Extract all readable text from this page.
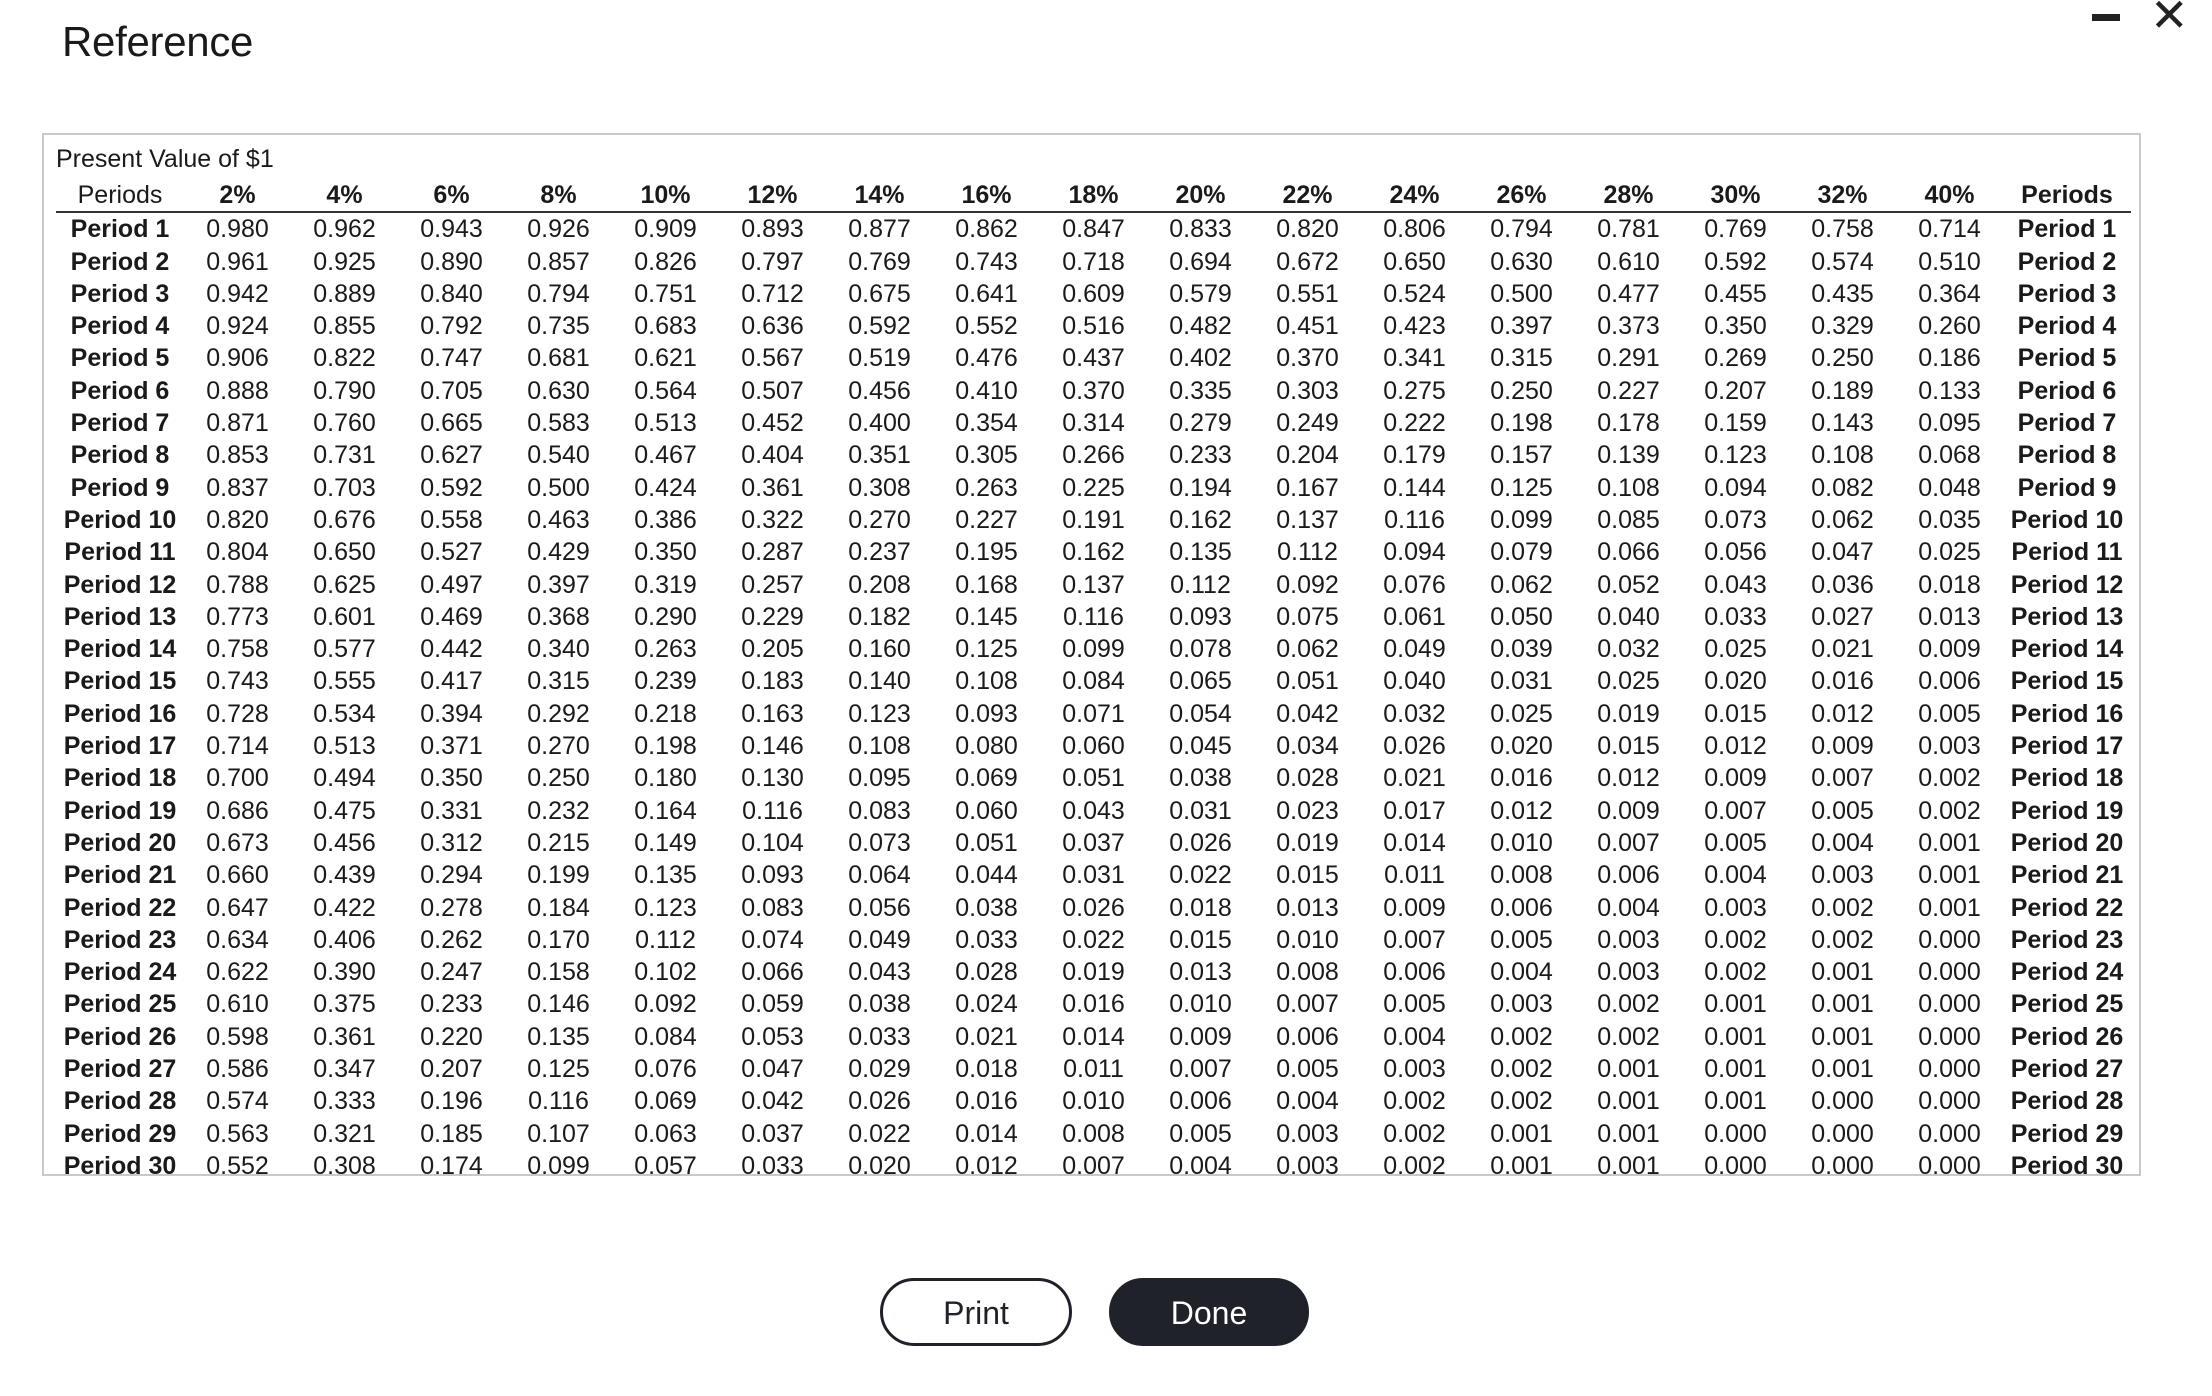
Reference
✕
Present Value of $1
Periods	2%	4%	6%	8%	10%	12%	14%	16%	18%	20%	22%	24%	26%	28%	30%	32%	40%	Periods
Period 1	0.980	0.962	0.943	0.926	0.909	0.893	0.877	0.862	0.847	0.833	0.820	0.806	0.794	0.781	0.769	0.758	0.714	Period 1
Period 2	0.961	0.925	0.890	0.857	0.826	0.797	0.769	0.743	0.718	0.694	0.672	0.650	0.630	0.610	0.592	0.574	0.510	Period 2
Period 3	0.942	0.889	0.840	0.794	0.751	0.712	0.675	0.641	0.609	0.579	0.551	0.524	0.500	0.477	0.455	0.435	0.364	Period 3
Period 4	0.924	0.855	0.792	0.735	0.683	0.636	0.592	0.552	0.516	0.482	0.451	0.423	0.397	0.373	0.350	0.329	0.260	Period 4
Period 5	0.906	0.822	0.747	0.681	0.621	0.567	0.519	0.476	0.437	0.402	0.370	0.341	0.315	0.291	0.269	0.250	0.186	Period 5
Period 6	0.888	0.790	0.705	0.630	0.564	0.507	0.456	0.410	0.370	0.335	0.303	0.275	0.250	0.227	0.207	0.189	0.133	Period 6
Period 7	0.871	0.760	0.665	0.583	0.513	0.452	0.400	0.354	0.314	0.279	0.249	0.222	0.198	0.178	0.159	0.143	0.095	Period 7
Period 8	0.853	0.731	0.627	0.540	0.467	0.404	0.351	0.305	0.266	0.233	0.204	0.179	0.157	0.139	0.123	0.108	0.068	Period 8
Period 9	0.837	0.703	0.592	0.500	0.424	0.361	0.308	0.263	0.225	0.194	0.167	0.144	0.125	0.108	0.094	0.082	0.048	Period 9
Period 10	0.820	0.676	0.558	0.463	0.386	0.322	0.270	0.227	0.191	0.162	0.137	0.116	0.099	0.085	0.073	0.062	0.035	Period 10
Period 11	0.804	0.650	0.527	0.429	0.350	0.287	0.237	0.195	0.162	0.135	0.112	0.094	0.079	0.066	0.056	0.047	0.025	Period 11
Period 12	0.788	0.625	0.497	0.397	0.319	0.257	0.208	0.168	0.137	0.112	0.092	0.076	0.062	0.052	0.043	0.036	0.018	Period 12
Period 13	0.773	0.601	0.469	0.368	0.290	0.229	0.182	0.145	0.116	0.093	0.075	0.061	0.050	0.040	0.033	0.027	0.013	Period 13
Period 14	0.758	0.577	0.442	0.340	0.263	0.205	0.160	0.125	0.099	0.078	0.062	0.049	0.039	0.032	0.025	0.021	0.009	Period 14
Period 15	0.743	0.555	0.417	0.315	0.239	0.183	0.140	0.108	0.084	0.065	0.051	0.040	0.031	0.025	0.020	0.016	0.006	Period 15
Period 16	0.728	0.534	0.394	0.292	0.218	0.163	0.123	0.093	0.071	0.054	0.042	0.032	0.025	0.019	0.015	0.012	0.005	Period 16
Period 17	0.714	0.513	0.371	0.270	0.198	0.146	0.108	0.080	0.060	0.045	0.034	0.026	0.020	0.015	0.012	0.009	0.003	Period 17
Period 18	0.700	0.494	0.350	0.250	0.180	0.130	0.095	0.069	0.051	0.038	0.028	0.021	0.016	0.012	0.009	0.007	0.002	Period 18
Period 19	0.686	0.475	0.331	0.232	0.164	0.116	0.083	0.060	0.043	0.031	0.023	0.017	0.012	0.009	0.007	0.005	0.002	Period 19
Period 20	0.673	0.456	0.312	0.215	0.149	0.104	0.073	0.051	0.037	0.026	0.019	0.014	0.010	0.007	0.005	0.004	0.001	Period 20
Period 21	0.660	0.439	0.294	0.199	0.135	0.093	0.064	0.044	0.031	0.022	0.015	0.011	0.008	0.006	0.004	0.003	0.001	Period 21
Period 22	0.647	0.422	0.278	0.184	0.123	0.083	0.056	0.038	0.026	0.018	0.013	0.009	0.006	0.004	0.003	0.002	0.001	Period 22
Period 23	0.634	0.406	0.262	0.170	0.112	0.074	0.049	0.033	0.022	0.015	0.010	0.007	0.005	0.003	0.002	0.002	0.000	Period 23
Period 24	0.622	0.390	0.247	0.158	0.102	0.066	0.043	0.028	0.019	0.013	0.008	0.006	0.004	0.003	0.002	0.001	0.000	Period 24
Period 25	0.610	0.375	0.233	0.146	0.092	0.059	0.038	0.024	0.016	0.010	0.007	0.005	0.003	0.002	0.001	0.001	0.000	Period 25
Period 26	0.598	0.361	0.220	0.135	0.084	0.053	0.033	0.021	0.014	0.009	0.006	0.004	0.002	0.002	0.001	0.001	0.000	Period 26
Period 27	0.586	0.347	0.207	0.125	0.076	0.047	0.029	0.018	0.011	0.007	0.005	0.003	0.002	0.001	0.001	0.001	0.000	Period 27
Period 28	0.574	0.333	0.196	0.116	0.069	0.042	0.026	0.016	0.010	0.006	0.004	0.002	0.002	0.001	0.001	0.000	0.000	Period 28
Period 29	0.563	0.321	0.185	0.107	0.063	0.037	0.022	0.014	0.008	0.005	0.003	0.002	0.001	0.001	0.000	0.000	0.000	Period 29
Period 30	0.552	0.308	0.174	0.099	0.057	0.033	0.020	0.012	0.007	0.004	0.003	0.002	0.001	0.001	0.000	0.000	0.000	Period 30
Print	Done
